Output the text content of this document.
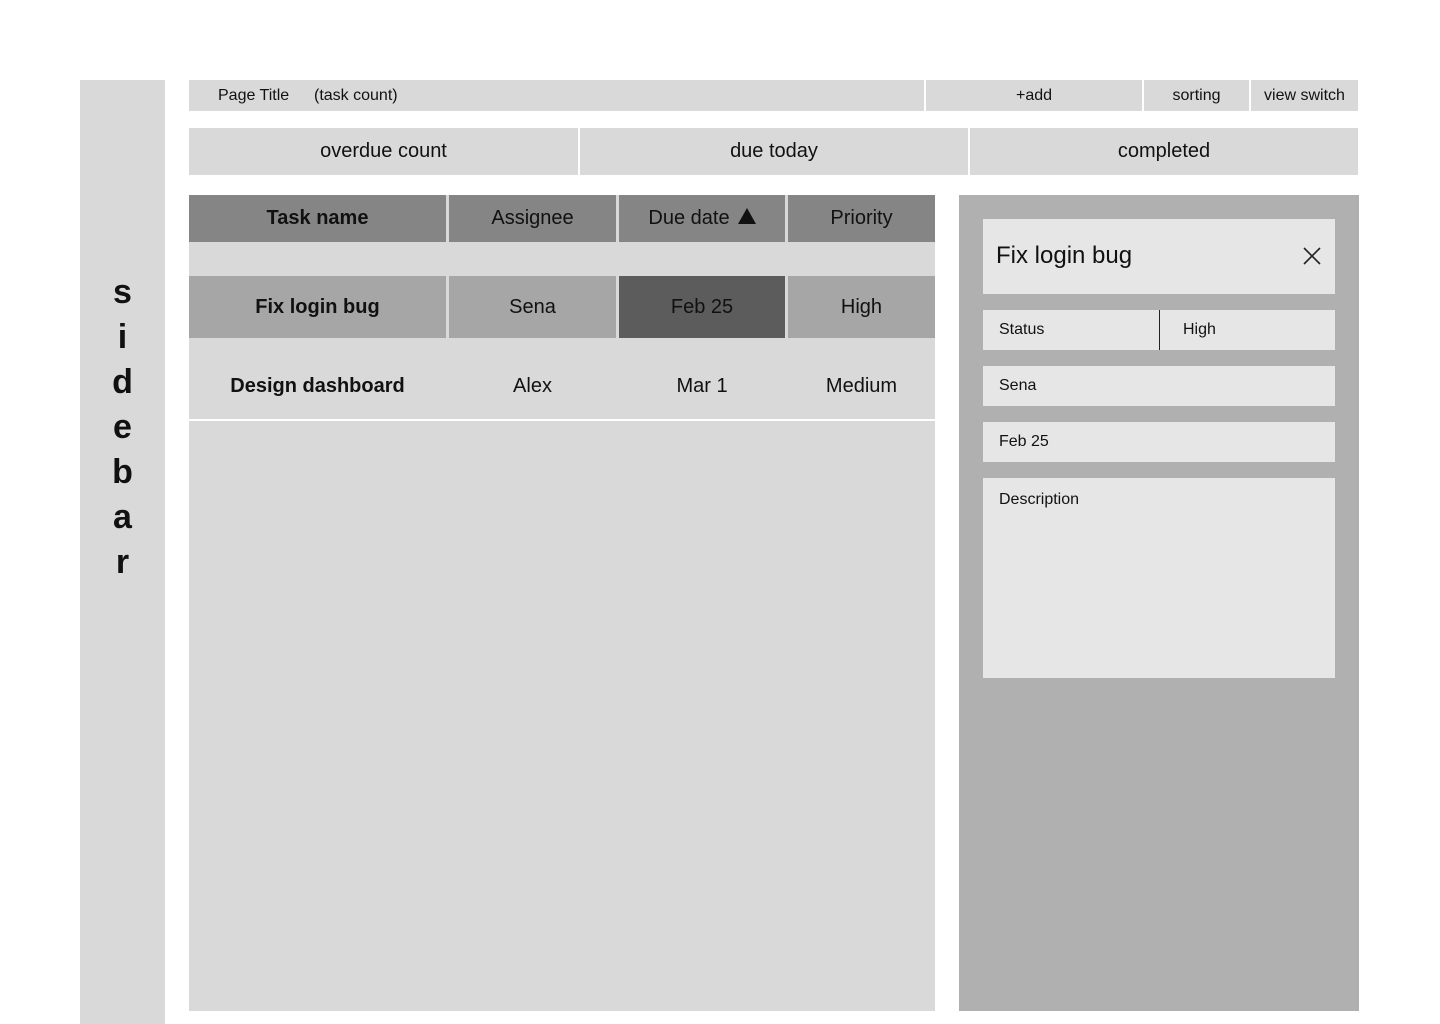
s
i
d
e
b
a
r
Page Title (task count)	+add	sorting	view switch
overdue count	due today	completed
Task name	Assignee	Due date	Priority
Fix login bug	Sena	Feb 25	High
Design dashboard	Alex	Mar 1	Medium
Fix login bug
Status	High
Sena
Feb 25
Description
